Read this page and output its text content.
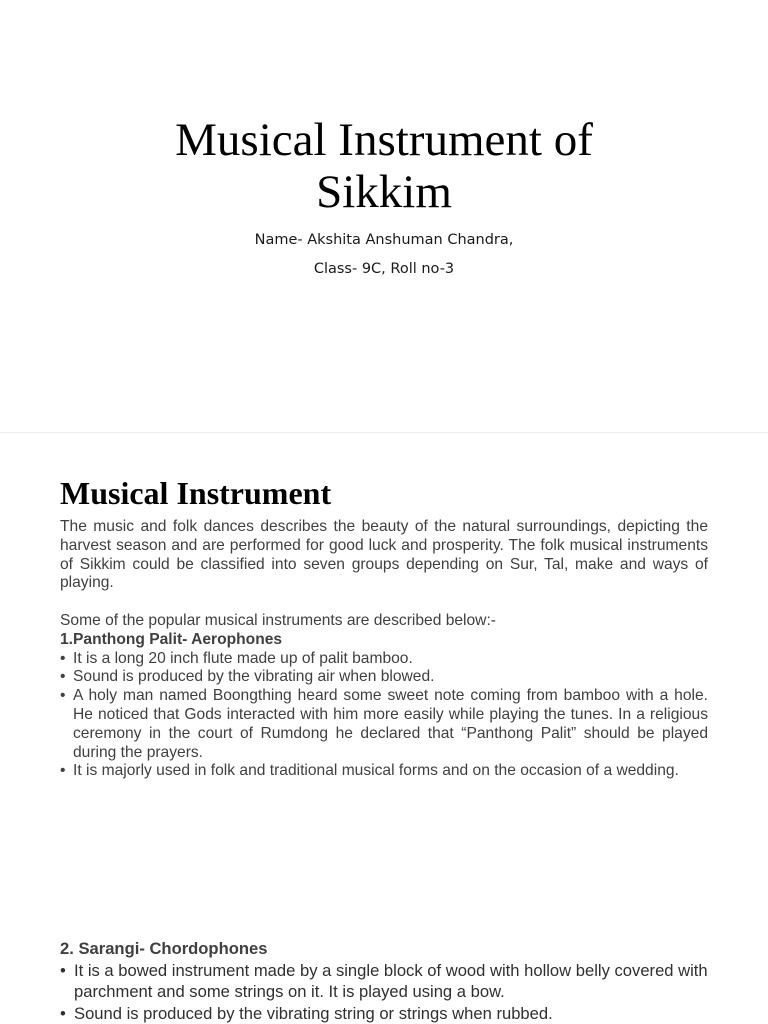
Musical Instrument of
Sikkim
Name- Akshita Anshuman Chandra,
Class- 9C, Roll no-3
Musical Instrument

The music and folk dances describes the beauty of the natural surroundings, depicting the harvest season and are performed for good luck and prosperity. The folk musical instruments of Sikkim could be classified into seven groups depending on Sur, Tal, make and ways of playing.

Some of the popular musical instruments are described below:-

1.Panthong Palit- Aerophones

• It is a long 20 inch flute made up of palit bamboo.
• Sound is produced by the vibrating air when blowed.
• A holy man named Boongthing heard some sweet note coming from bamboo with a hole. He noticed that Gods interacted with him more easily while playing the tunes. In a religious ceremony in the court of Rumdong he declared that “Panthong Palit” should be played during the prayers.
• It is majorly used in folk and traditional musical forms and on the occasion of a wedding.

2. Sarangi- Chordophones

• It is a bowed instrument made by a single block of wood with hollow belly covered with parchment and some strings on it. It is played using a bow.
• Sound is produced by the vibrating string or strings when rubbed.
